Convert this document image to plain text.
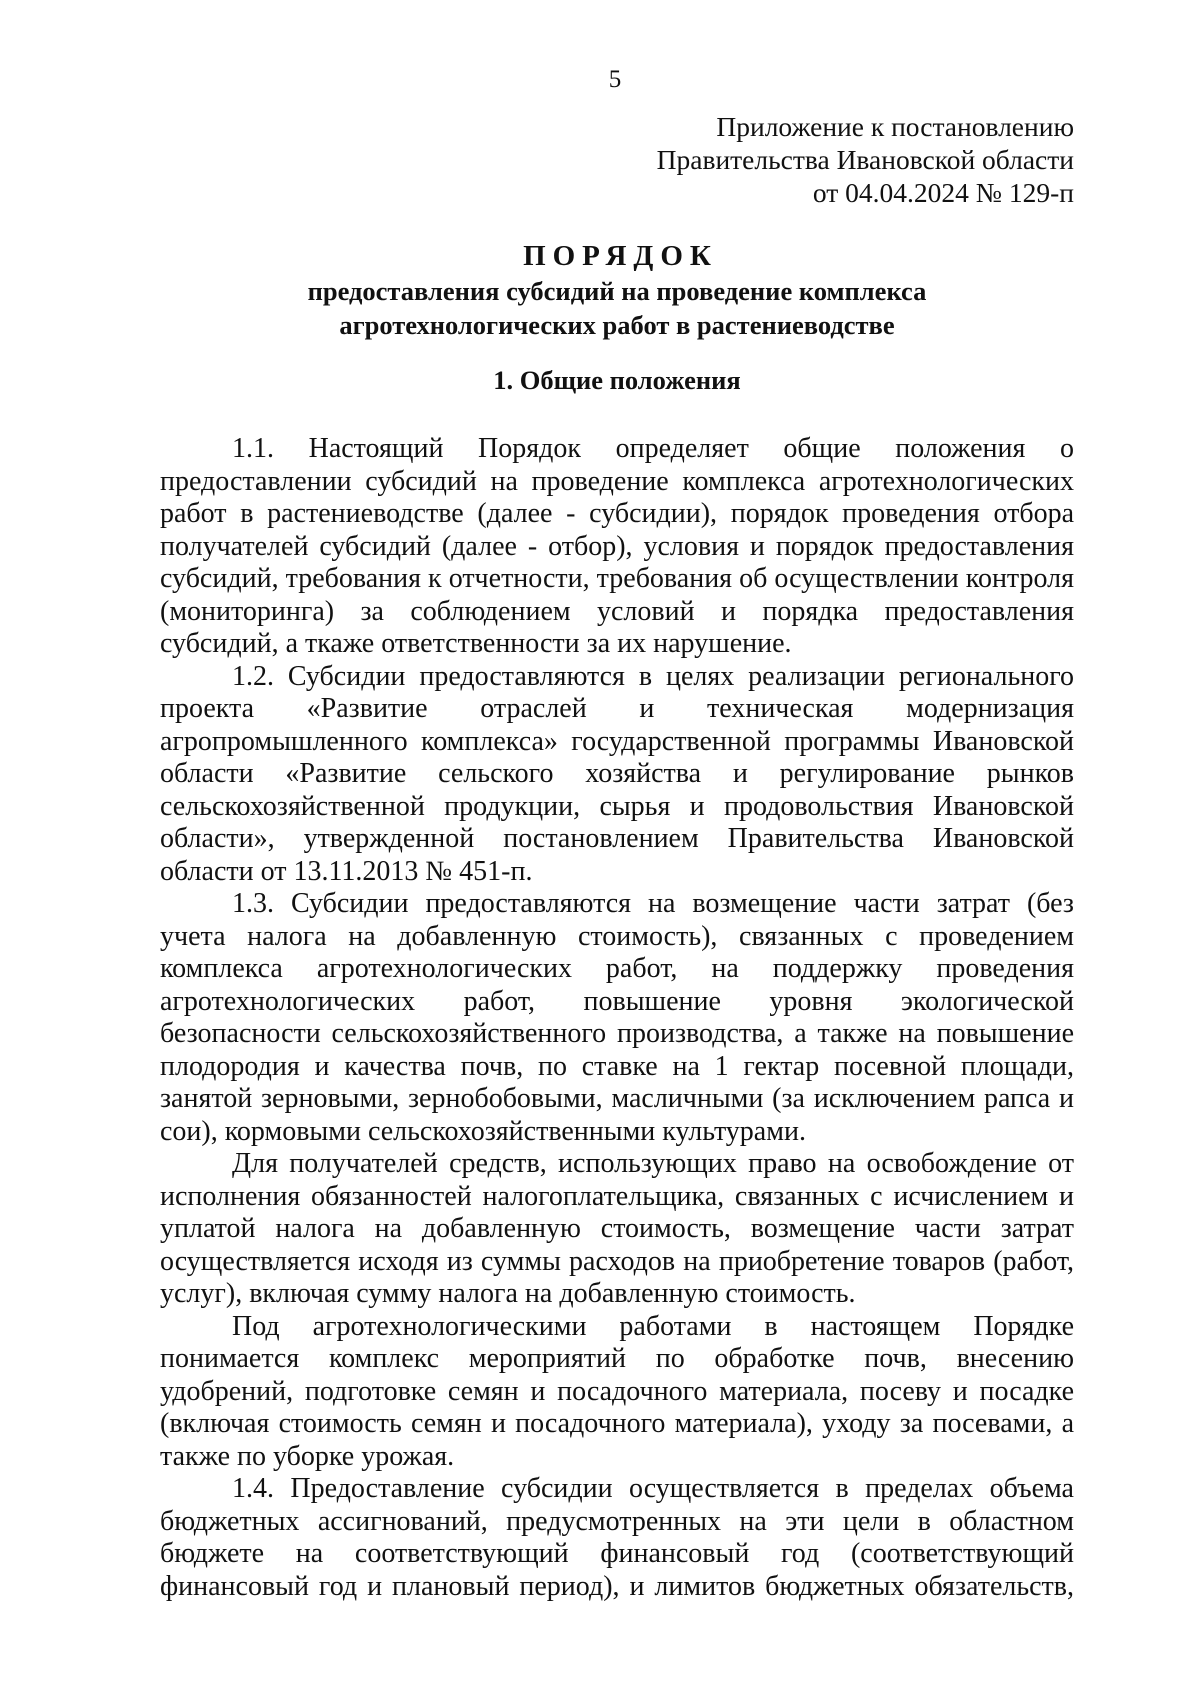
5
Приложение к постановлению
Правительства Ивановской области
от 04.04.2024 № 129-п
ПОРЯДОК
предоставления субсидий на проведение комплекса
агротехнологических работ в растениеводстве
1. Общие положения

1.1. Настоящий Порядок определяет общие положения о предоставлении субсидий на проведение комплекса агротехнологических работ в растениеводстве (далее - субсидии), порядок проведения отбора получателей субсидий (далее - отбор), условия и порядок предоставления субсидий, требования к отчетности, требования об осуществлении контроля (мониторинга) за соблюдением условий и порядка предоставления субсидий, а ткаже ответственности за их нарушение.

1.2. Субсидии предоставляются в целях реализации регионального проекта «Развитие отраслей и техническая модернизация агропромышленного комплекса» государственной программы Ивановской области «Развитие сельского хозяйства и регулирование рынков сельскохозяйственной продукции, сырья и продовольствия Ивановской области», утвержденной постановлением Правительства Ивановской области от 13.11.2013 № 451-п.

1.3. Субсидии предоставляются на возмещение части затрат (без учета налога на добавленную стоимость), связанных с проведением комплекса агротехнологических работ, на поддержку проведения агротехнологических работ, повышение уровня экологической безопасности сельскохозяйственного производства, а также на повышение плодородия и качества почв, по ставке на 1 гектар посевной площади, занятой зерновыми, зернобобовыми, масличными (за исключением рапса и сои), кормовыми сельскохозяйственными культурами.

Для получателей средств, использующих право на освобождение от исполнения обязанностей налогоплательщика, связанных с исчислением и уплатой налога на добавленную стоимость, возмещение части затрат осуществляется исходя из суммы расходов на приобретение товаров (работ, услуг), включая сумму налога на добавленную стоимость.

Под агротехнологическими работами в настоящем Порядке понимается комплекс мероприятий по обработке почв, внесению удобрений, подготовке семян и посадочного материала, посеву и посадке (включая стоимость семян и посадочного материала), уходу за посевами, а также по уборке урожая.

1.4. Предоставление субсидии осуществляется в пределах объема бюджетных ассигнований, предусмотренных на эти цели в областном бюджете на соответствующий финансовый год (соответствующий финансовый год и плановый период), и лимитов бюджетных обязательств,
